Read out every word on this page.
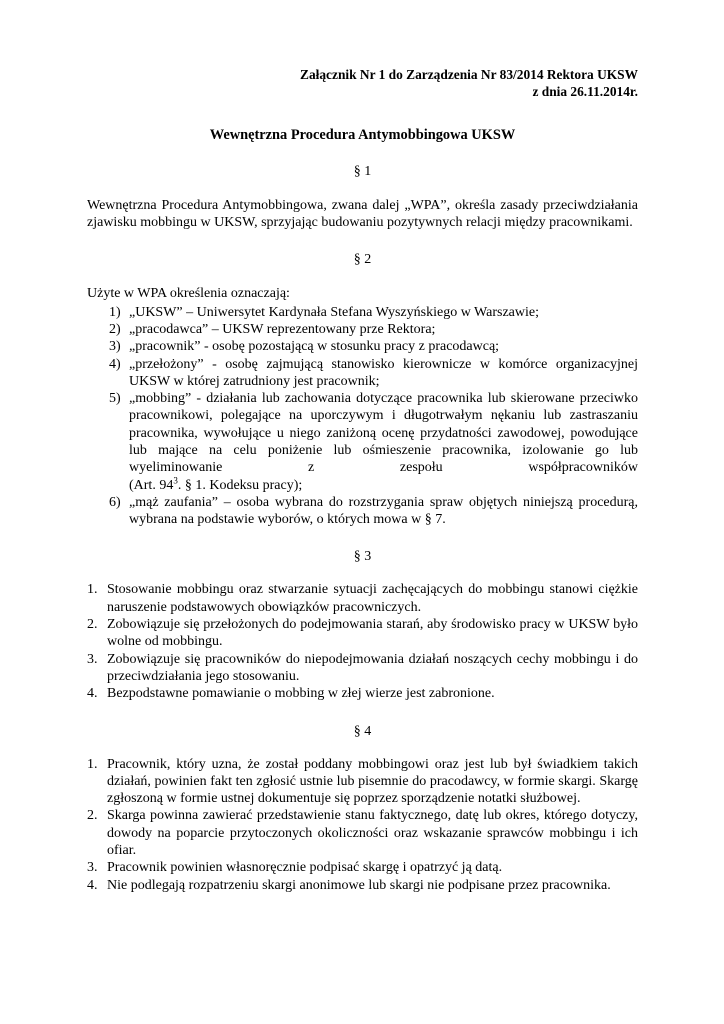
Załącznik Nr 1 do Zarządzenia Nr 83/2014 Rektora UKSW
z dnia 26.11.2014r.
Wewnętrzna Procedura Antymobbingowa UKSW
§ 1

Wewnętrzna Procedura Antymobbingowa, zwana dalej „WPA”, określa zasady przeciwdziałania zjawisku mobbingu w UKSW, sprzyjając budowaniu pozytywnych relacji między pracownikami.

§ 2

Użyte w WPA określenia oznaczają:

1) „UKSW” – Uniwersytet Kardynała Stefana Wyszyńskiego w Warszawie;
2) „pracodawca” – UKSW reprezentowany prze Rektora;
3) „pracownik” - osobę pozostającą w stosunku pracy z pracodawcą;
4) „przełożony” - osobę zajmującą stanowisko kierownicze w komórce organizacyjnej UKSW w której zatrudniony jest pracownik;
5) „mobbing” - działania lub zachowania dotyczące pracownika lub skierowane przeciwko pracownikowi, polegające na uporczywym i długotrwałym nękaniu lub zastraszaniu pracownika, wywołujące u niego zaniżoną ocenę przydatności zawodowej, powodujące lub mające na celu poniżenie lub ośmieszenie pracownika, izolowanie go lub wyeliminowanie z zespołu współpracowników
(Art. $94^3$. § 1. Kodeksu pracy);
6) „mąż zaufania” – osoba wybrana do rozstrzygania spraw objętych niniejszą procedurą, wybrana na podstawie wyborów, o których mowa w § 7.
§ 3
1. Stosowanie mobbingu oraz stwarzanie sytuacji zachęcających do mobbingu stanowi ciężkie naruszenie podstawowych obowiązków pracowniczych.
2. Zobowiązuje się przełożonych do podejmowania starań, aby środowisko pracy w UKSW było wolne od mobbingu.
3. Zobowiązuje się pracowników do niepodejmowania działań noszących cechy mobbingu i do przeciwdziałania jego stosowaniu.
4. Bezpodstawne pomawianie o mobbing w złej wierze jest zabronione.
§ 4
1. Pracownik, który uzna, że został poddany mobbingowi oraz jest lub był świadkiem takich działań, powinien fakt ten zgłosić ustnie lub pisemnie do pracodawcy, w formie skargi. Skargę zgłoszoną w formie ustnej dokumentuje się poprzez sporządzenie notatki służbowej.
2. Skarga powinna zawierać przedstawienie stanu faktycznego, datę lub okres, którego dotyczy, dowody na poparcie przytoczonych okoliczności oraz wskazanie sprawców mobbingu i ich ofiar.
3. Pracownik powinien własnoręcznie podpisać skargę i opatrzyć ją datą.
4. Nie podlegają rozpatrzeniu skargi anonimowe lub skargi nie podpisane przez pracownika.
